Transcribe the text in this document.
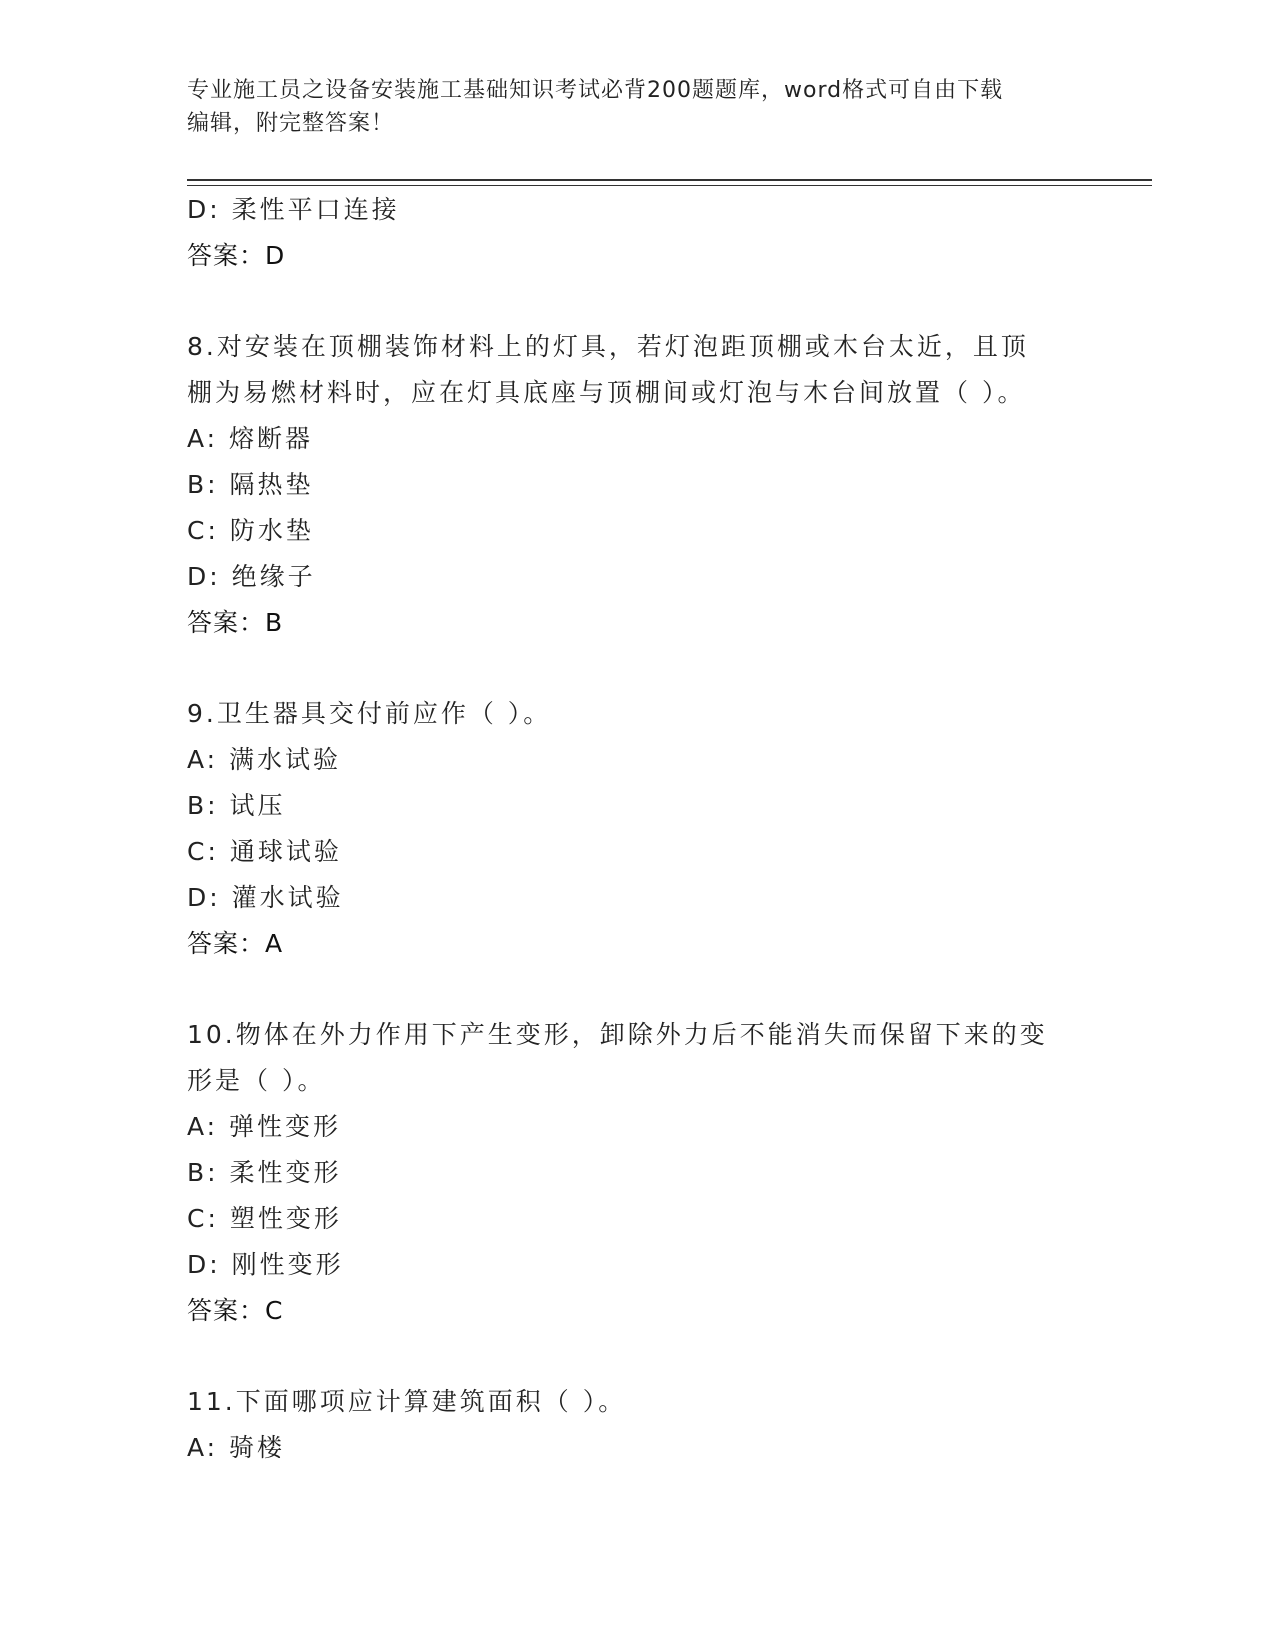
专业施工员之设备安装施工基础知识考试必背200题题库，word格式可自由下载
编辑，附完整答案！
D: 柔性平口连接
答案：D
8.对安装在顶棚装饰材料上的灯具，若灯泡距顶棚或木台太近，且顶
棚为易燃材料时，应在灯具底座与顶棚间或灯泡与木台间放置（ ）。
A: 熔断器
B: 隔热垫
C: 防水垫
D: 绝缘子
答案：B
9.卫生器具交付前应作（ ）。
A: 满水试验
B: 试压
C: 通球试验
D: 灌水试验
答案：A
10.物体在外力作用下产生变形，卸除外力后不能消失而保留下来的变
形是（ ）。
A: 弹性变形
B: 柔性变形
C: 塑性变形
D: 刚性变形
答案：C
11.下面哪项应计算建筑面积（ ）。
A: 骑楼
